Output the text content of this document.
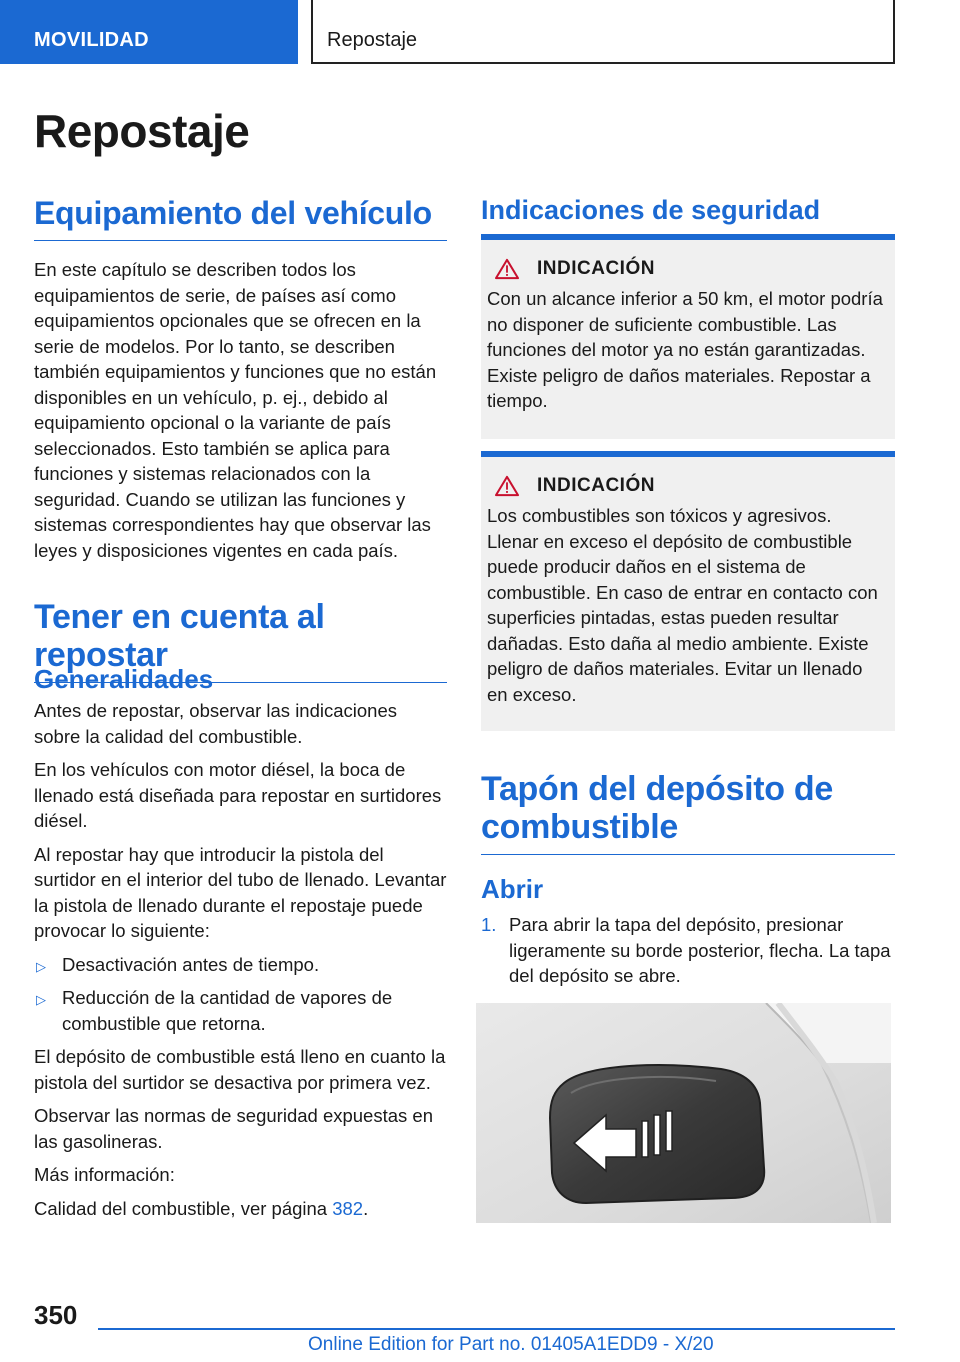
MOVILIDAD	Repostaje
Repostaje
Equipamiento del vehículo

En este capítulo se describen todos los equipamientos de serie, de países así como equipamientos opcionales que se ofrecen en la serie de modelos. Por lo tanto, se describen también equipamientos y funciones que no están disponibles en un vehículo, p. ej., debido al equipamiento opcional o la variante de país seleccionados. Esto también se aplica para funciones y sistemas relacionados con la seguridad. Cuando se utilizan las funciones y sistemas correspondientes hay que observar las leyes y disposiciones vigentes en cada país.

Tener en cuenta al repostar
Generalidades

Antes de repostar, observar las indicaciones sobre la calidad del combustible.

En los vehículos con motor diésel, la boca de llenado está diseñada para repostar en surtidores diésel.

Al repostar hay que introducir la pistola del surtidor en el interior del tubo de llenado. Levantar la pistola de llenado durante el repostaje puede provocar lo siguiente:

▷ Desactivación antes de tiempo.
▷ Reducción de la cantidad de vapores de combustible que retorna.

El depósito de combustible está lleno en cuanto la pistola del surtidor se desactiva por primera vez.

Observar las normas de seguridad expuestas en las gasolineras.

Más información:

Calidad del combustible, ver página 382.

Indicaciones de seguridad
INDICACIÓN

Con un alcance inferior a 50 km, el motor podría no disponer de suficiente combustible. Las funciones del motor ya no están garantizadas. Existe peligro de daños materiales. Repostar a tiempo.

INDICACIÓN

Los combustibles son tóxicos y agresivos. Llenar en exceso el depósito de combustible puede producir daños en el sistema de combustible. En caso de entrar en contacto con superficies pintadas, estas pueden resultar dañadas. Esto daña al medio ambiente. Existe peligro de daños materiales. Evitar un llenado en exceso.

Tapón del depósito de combustible
Abrir
1. Para abrir la tapa del depósito, presionar ligeramente su borde posterior, flecha. La tapa del depósito se abre.
350
Online Edition for Part no. 01405A1EDD9 - X/20
